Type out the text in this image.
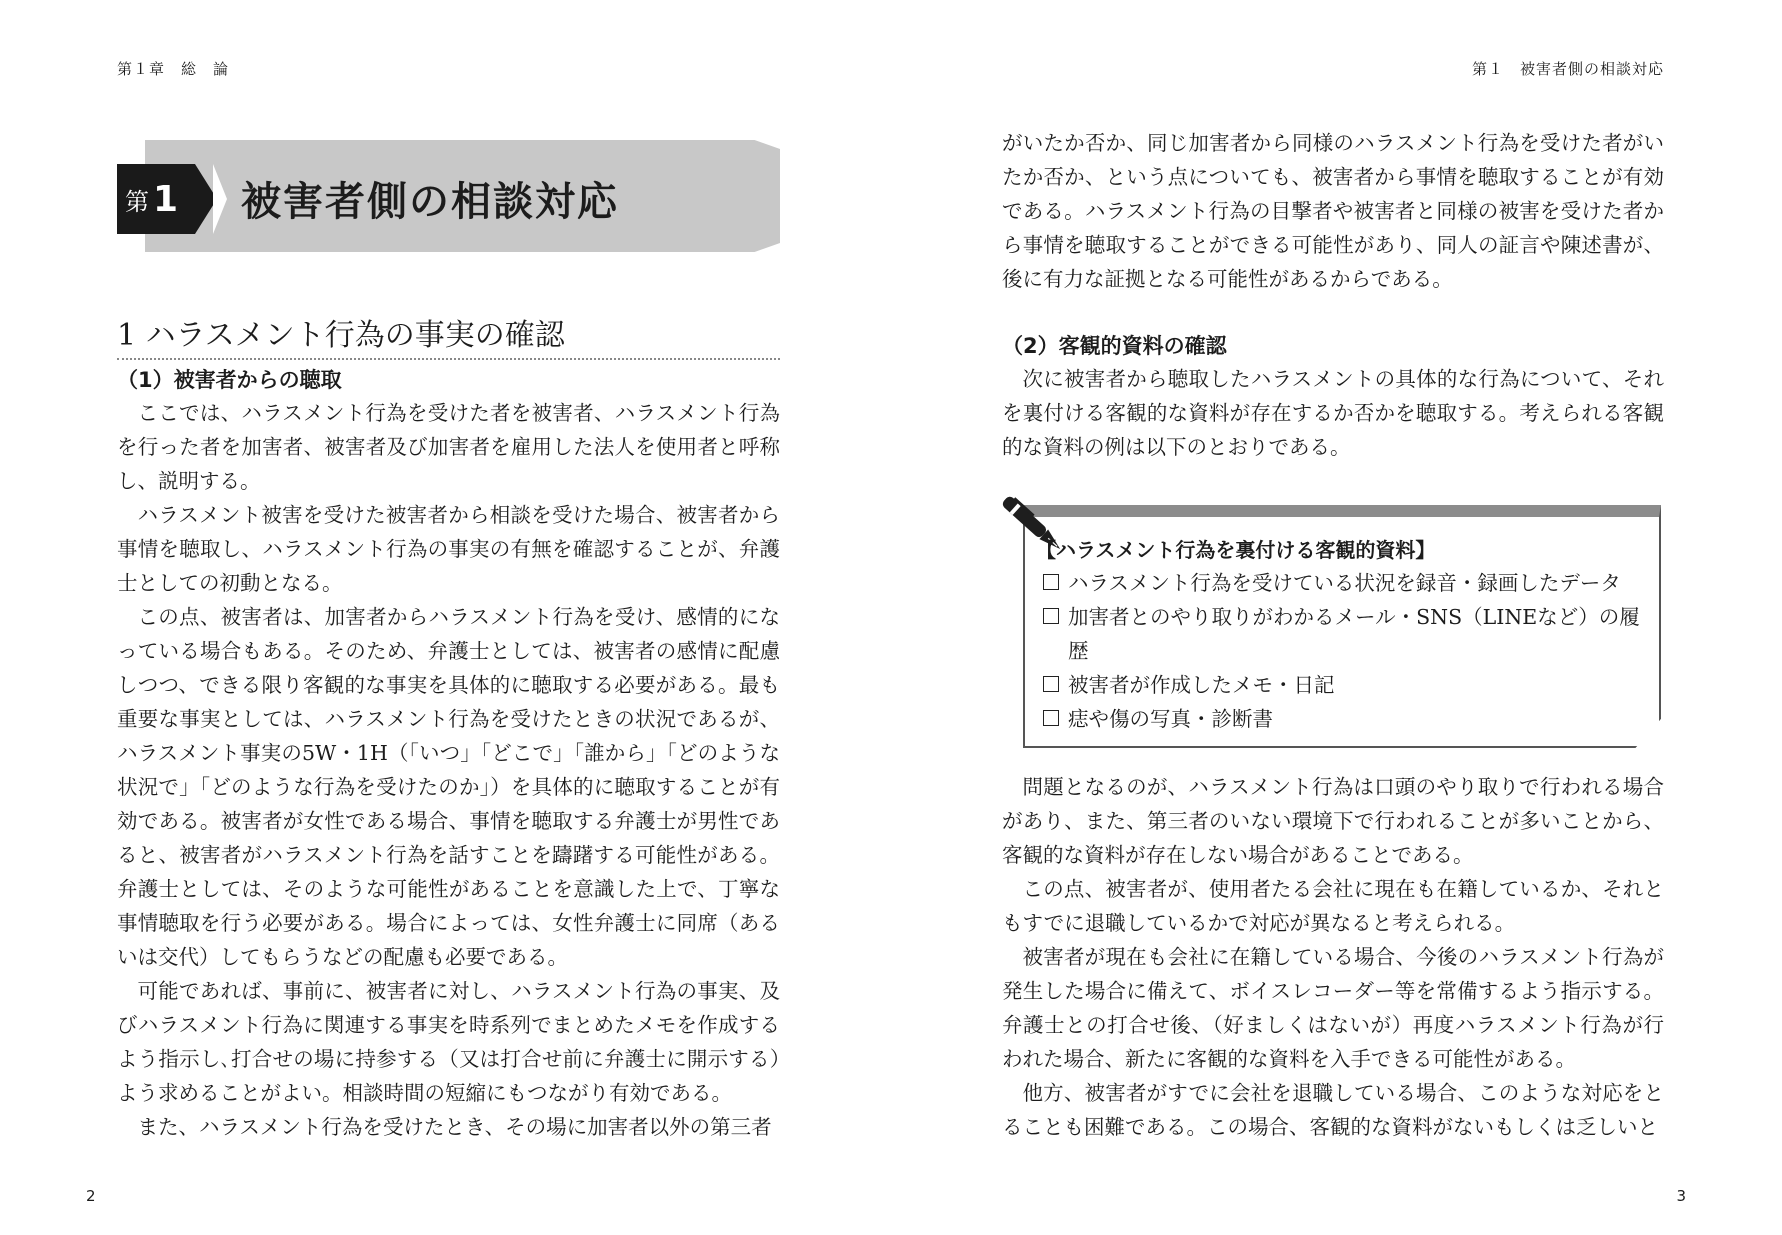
第１章　総　論
第 1 被害者側の相談対応
1 ハラスメント行為の事実の確認
（1）被害者からの聴取

ここでは、ハラスメント行為を受けた者を被害者、ハラスメント行為を行った者を加害者、被害者及び加害者を雇用した法人を使用者と呼称し、説明する。

ハラスメント被害を受けた被害者から相談を受けた場合、被害者から事情を聴取し、ハラスメント行為の事実の有無を確認することが、弁護士としての初動となる。

この点、被害者は、加害者からハラスメント行為を受け、感情的になっている場合もある。そのため、弁護士としては、被害者の感情に配慮しつつ、できる限り客観的な事実を具体的に聴取する必要がある。最も重要な事実としては、ハラスメント行為を受けたときの状況であるが、ハラスメント事実の5W・1H（「いつ」「どこで」「誰から」「どのような状況で」「どのような行為を受けたのか」）を具体的に聴取することが有効である。被害者が女性である場合、事情を聴取する弁護士が男性であると、被害者がハラスメント行為を話すことを躊躇する可能性がある。弁護士としては、そのような可能性があることを意識した上で、丁寧な事情聴取を行う必要がある。場合によっては、女性弁護士に同席（あるいは交代）してもらうなどの配慮も必要である。

可能であれば、事前に、被害者に対し、ハラスメント行為の事実、及びハラスメント行為に関連する事実を時系列でまとめたメモを作成するよう指示し､打合せの場に持参する（又は打合せ前に弁護士に開示する）よう求めることがよい。相談時間の短縮にもつながり有効である。

また、ハラスメント行為を受けたとき、その場に加害者以外の第三者

2
第１　被害者側の相談対応

がいたか否か、同じ加害者から同様のハラスメント行為を受けた者がいたか否か、という点についても、被害者から事情を聴取することが有効である。ハラスメント行為の目撃者や被害者と同様の被害を受けた者から事情を聴取することができる可能性があり、同人の証言や陳述書が、後に有力な証拠となる可能性があるからである。

（2）客観的資料の確認

次に被害者から聴取したハラスメントの具体的な行為について、それを裏付ける客観的な資料が存在するか否かを聴取する。考えられる客観的な資料の例は以下のとおりである。

【ハラスメント行為を裏付ける客観的資料】
ハラスメント行為を受けている状況を録音・録画したデータ
加害者とのやり取りがわかるメール・SNS（LINEなど）の履歴
被害者が作成したメモ・日記
痣や傷の写真・診断書

問題となるのが、ハラスメント行為は口頭のやり取りで行われる場合があり、また、第三者のいない環境下で行われることが多いことから、客観的な資料が存在しない場合があることである。

この点、被害者が、使用者たる会社に現在も在籍しているか、それともすでに退職しているかで対応が異なると考えられる。

被害者が現在も会社に在籍している場合、今後のハラスメント行為が発生した場合に備えて、ボイスレコーダー等を常備するよう指示する。弁護士との打合せ後、（好ましくはないが）再度ハラスメント行為が行われた場合、新たに客観的な資料を入手できる可能性がある。

他方、被害者がすでに会社を退職している場合、このような対応をとることも困難である。この場合、客観的な資料がないもしくは乏しいと

3
